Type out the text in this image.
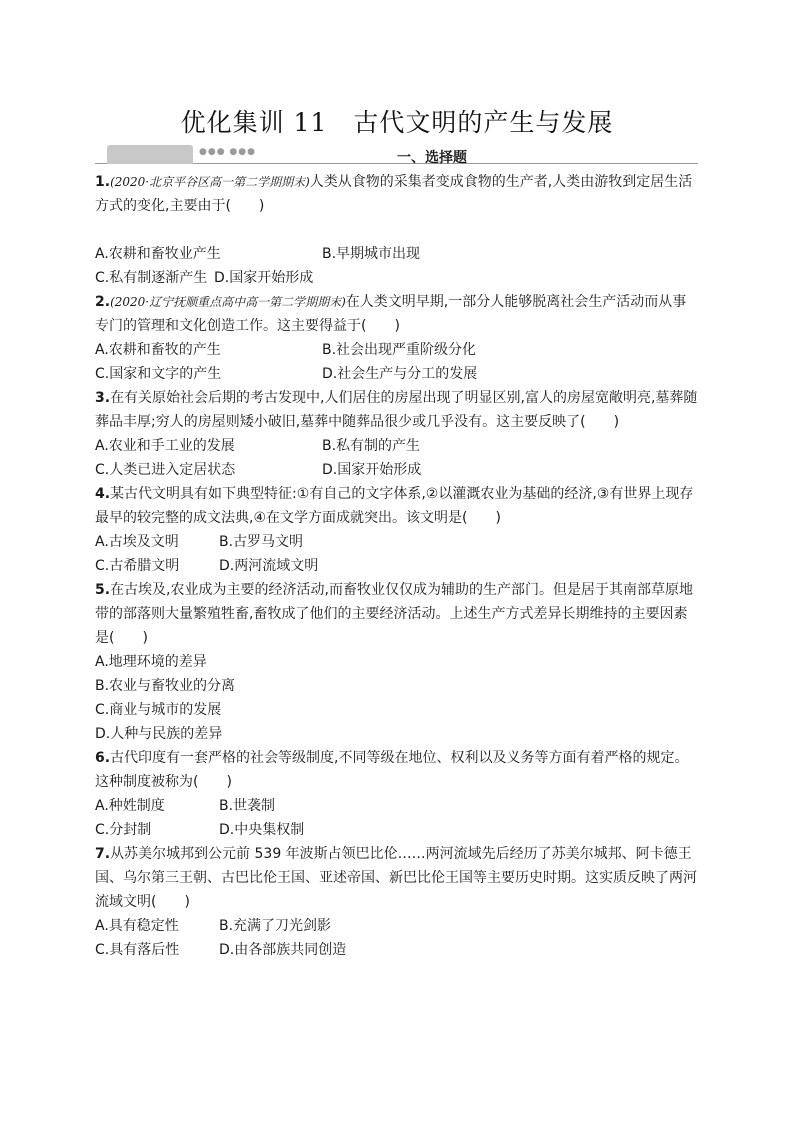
优化集训 11　古代文明的产生与发展
●●● ●●●	一、选择题

1.(2020·北京平谷区高一第二学期期末)人类从食物的采集者变成食物的生产者,人类由游牧到定居生活方式的变化,主要由于(　　)

A.农耕和畜牧业产生	B.早期城市出现
C.私有制逐渐产生 D.国家开始形成

2.(2020·辽宁抚顺重点高中高一第二学期期末)在人类文明早期,一部分人能够脱离社会生产活动而从事专门的管理和文化创造工作。这主要得益于(　　)

A.农耕和畜牧的产生	B.社会出现严重阶级分化
C.国家和文字的产生	D.社会生产与分工的发展

3.在有关原始社会后期的考古发现中,人们居住的房屋出现了明显区别,富人的房屋宽敞明亮,墓葬随葬品丰厚;穷人的房屋则矮小破旧,墓葬中随葬品很少或几乎没有。这主要反映了(　　)

A.农业和手工业的发展	B.私有制的产生
C.人类已进入定居状态	D.国家开始形成

4.某古代文明具有如下典型特征:①有自己的文字体系,②以灌溉农业为基础的经济,③有世界上现存最早的较完整的成文法典,④在文学方面成就突出。该文明是(　　)

A.古埃及文明	B.古罗马文明
C.古希腊文明	D.两河流域文明

5.在古埃及,农业成为主要的经济活动,而畜牧业仅仅成为辅助的生产部门。但是居于其南部草原地带的部落则大量繁殖牲畜,畜牧成了他们的主要经济活动。上述生产方式差异长期维持的主要因素是(　　)

A.地理环境的差异
B.农业与畜牧业的分离
C.商业与城市的发展
D.人种与民族的差异

6.古代印度有一套严格的社会等级制度,不同等级在地位、权利以及义务等方面有着严格的规定。这种制度被称为(　　)

A.种姓制度	B.世袭制
C.分封制	D.中央集权制

7.从苏美尔城邦到公元前 539 年波斯占领巴比伦……两河流域先后经历了苏美尔城邦、阿卡德王国、乌尔第三王朝、古巴比伦王国、亚述帝国、新巴比伦王国等主要历史时期。这实质反映了两河流域文明(　　)

A.具有稳定性	B.充满了刀光剑影
C.具有落后性	D.由各部族共同创造
